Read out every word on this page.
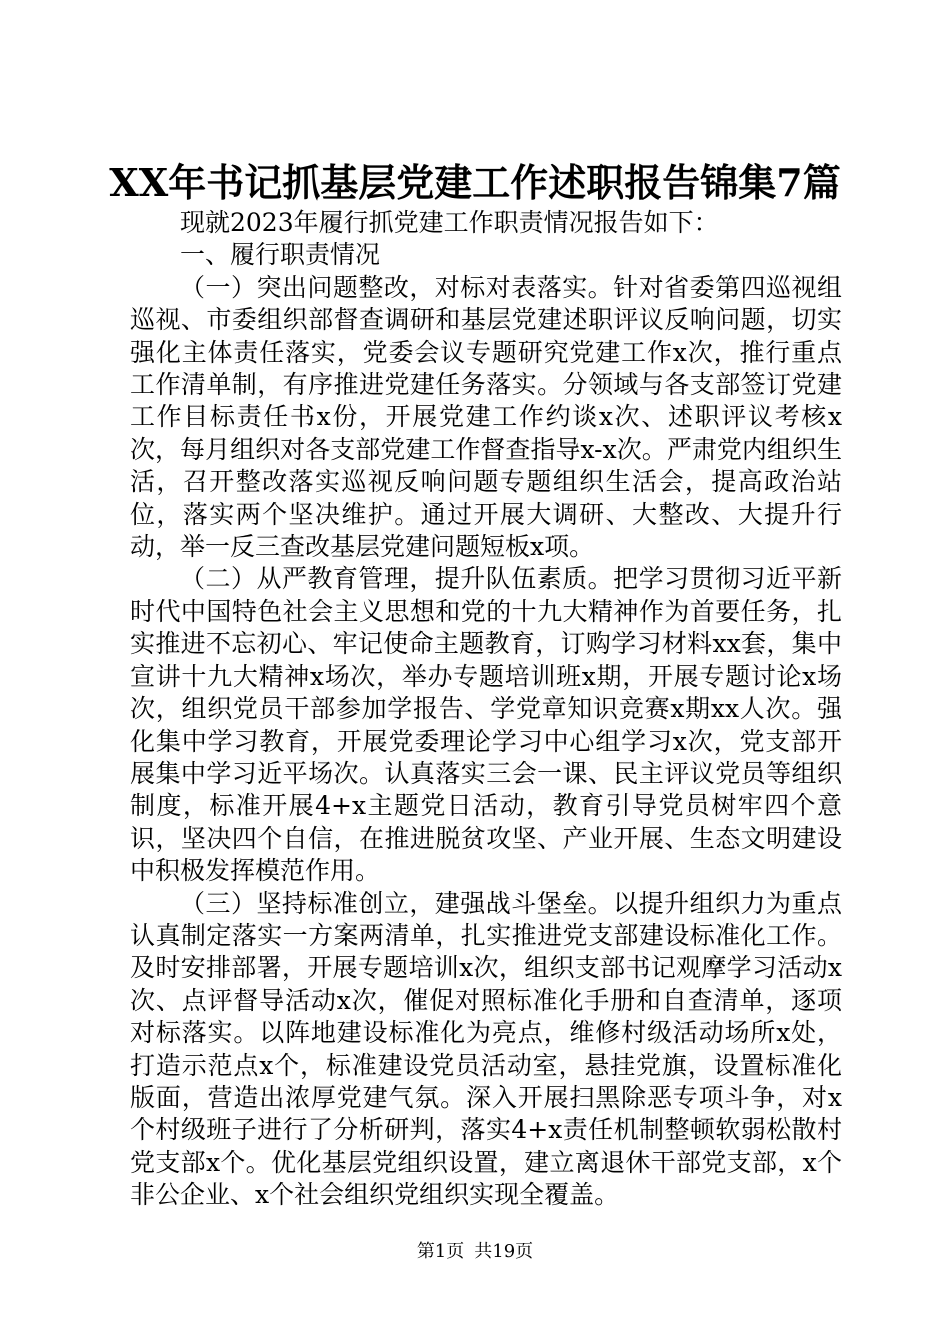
XX年书记抓基层党建工作述职报告锦集7篇

现就2023年履行抓党建工作职责情况报告如下：

一、履行职责情况

（一）突出问题整改，对标对表落实。针对省委第四巡视组巡视、市委组织部督查调研和基层党建述职评议反响问题，切实强化主体责任落实，党委会议专题研究党建工作x次，推行重点工作清单制，有序推进党建任务落实。分领域与各支部签订党建工作目标责任书x份，开展党建工作约谈x次、述职评议考核x次，每月组织对各支部党建工作督查指导x-x次。严肃党内组织生活，召开整改落实巡视反响问题专题组织生活会，提高政治站位，落实两个坚决维护。通过开展大调研、大整改、大提升行动，举一反三查改基层党建问题短板x项。

（二）从严教育管理，提升队伍素质。把学习贯彻习近平新时代中国特色社会主义思想和党的十九大精神作为首要任务，扎实推进不忘初心、牢记使命主题教育，订购学习材料xx套，集中宣讲十九大精神x场次，举办专题培训班x期，开展专题讨论x场次，组织党员干部参加学报告、学党章知识竞赛x期xx人次。强化集中学习教育，开展党委理论学习中心组学习x次，党支部开展集中学习近平场次。认真落实三会一课、民主评议党员等组织制度，标准开展4+x主题党日活动，教育引导党员树牢四个意识，坚决四个自信，在推进脱贫攻坚、产业开展、生态文明建设中积极发挥模范作用。

（三）坚持标准创立，建强战斗堡垒。以提升组织力为重点认真制定落实一方案两清单，扎实推进党支部建设标准化工作。及时安排部署，开展专题培训x次，组织支部书记观摩学习活动x次、点评督导活动x次，催促对照标准化手册和自查清单，逐项对标落实。以阵地建设标准化为亮点，维修村级活动场所x处，打造示范点x个，标准建设党员活动室，悬挂党旗，设置标准化版面，营造出浓厚党建气氛。深入开展扫黑除恶专项斗争，对x个村级班子进行了分析研判，落实4+x责任机制整顿软弱松散村党支部x个。优化基层党组织设置，建立离退休干部党支部，x个非公企业、x个社会组织党组织实现全覆盖。

第1页 共19页
